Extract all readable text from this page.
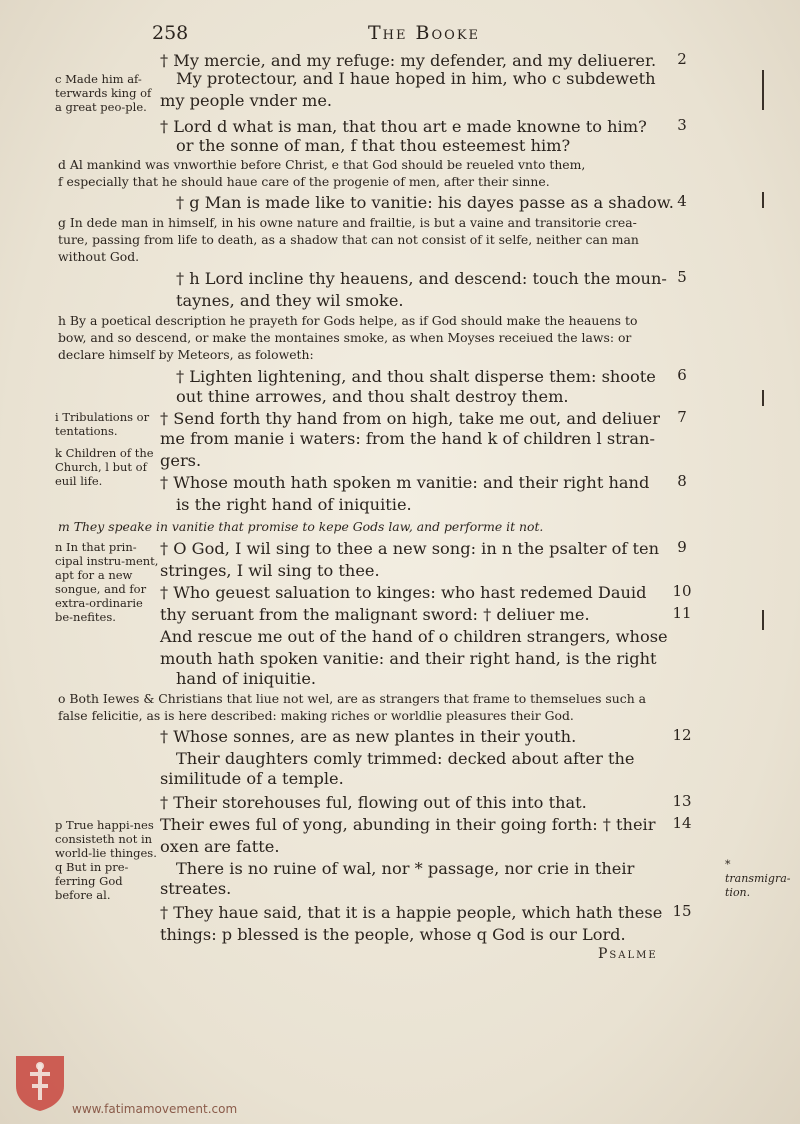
258	The Booke
† My mercie, and my refuge: my defender, and my deliuerer.	2
My protectour, and I haue hoped in him, who c subdeweth
my people vnder me.
† Lord d what is man, that thou art e made knowne to him?	3
or the sonne of man, f that thou esteemest him?
d Al mankind was vnworthie before Christ, e that God should be reueled vnto them,
f especially that he should haue care of the progenie of men, after their sinne.
† g Man is made like to vanitie: his dayes passe as a shadow. 4
g In dede man in himself, in his owne nature and frailtie, is but a vaine and transitorie crea-
ture, passing from life to death, as a shadow that can not consist of it selfe, neither can man
without God.
† h Lord incline thy heauens, and descend: touch the moun- 5
taynes, and they wil smoke.
h By a poetical description he prayeth for Gods helpe, as if God should make the heauens to
bow, and so descend, or make the montaines smoke, as when Moyses receiued the laws: or
declare himself by Meteors, as foloweth:
† Lighten lightening, and thou shalt disperse them: shoote	6
out thine arrowes, and thou shalt destroy them.
† Send forth thy hand from on high, take me out, and deliuer	7
me from manie i waters: from the hand k of children l stran-
gers.
† Whose mouth hath spoken m vanitie: and their right hand	8
is the right hand of iniquitie.
m They speake in vanitie that promise to kepe Gods law, and performe it not.
† O God, I wil sing to thee a new song: in n the psalter of ten	9
stringes, I wil sing to thee.
† Who geuest saluation to kinges: who hast redemed Dauid	10
thy seruant from the malignant sword: † deliuer me.	11
And rescue me out of the hand of o children strangers, whose
mouth hath spoken vanitie: and their right hand, is the right
hand of iniquitie.
o Both Iewes & Christians that liue not wel, are as strangers that frame to themselues such a
false felicitie, as is here described: making riches or worldlie pleasures their God.
† Whose sonnes, are as new plantes in their youth.	12
Their daughters comly trimmed: decked about after the
similitude of a temple.
† Their storehouses ful, flowing out of this into that.	13
Their ewes ful of yong, abunding in their going forth: † their	14
oxen are fatte.
There is no ruine of wal, nor * passage, nor crie in their
streates.
† They haue said, that it is a happie people, which hath these 15
things: p blessed is the people, whose q God is our Lord.
c Made him af-terwards king of a great peo-ple.
i Tribulations or tentations.
k Children of the Church, l but of euil life.
n In that prin-cipal instru-ment, apt for a new songue, and for extra-ordinarie be-nefites.
p True happi-nes consisteth not in world-lie thinges. q But in pre-ferring God before al.
* transmigra-tion.
Psalme
www.fatimamovement.com
